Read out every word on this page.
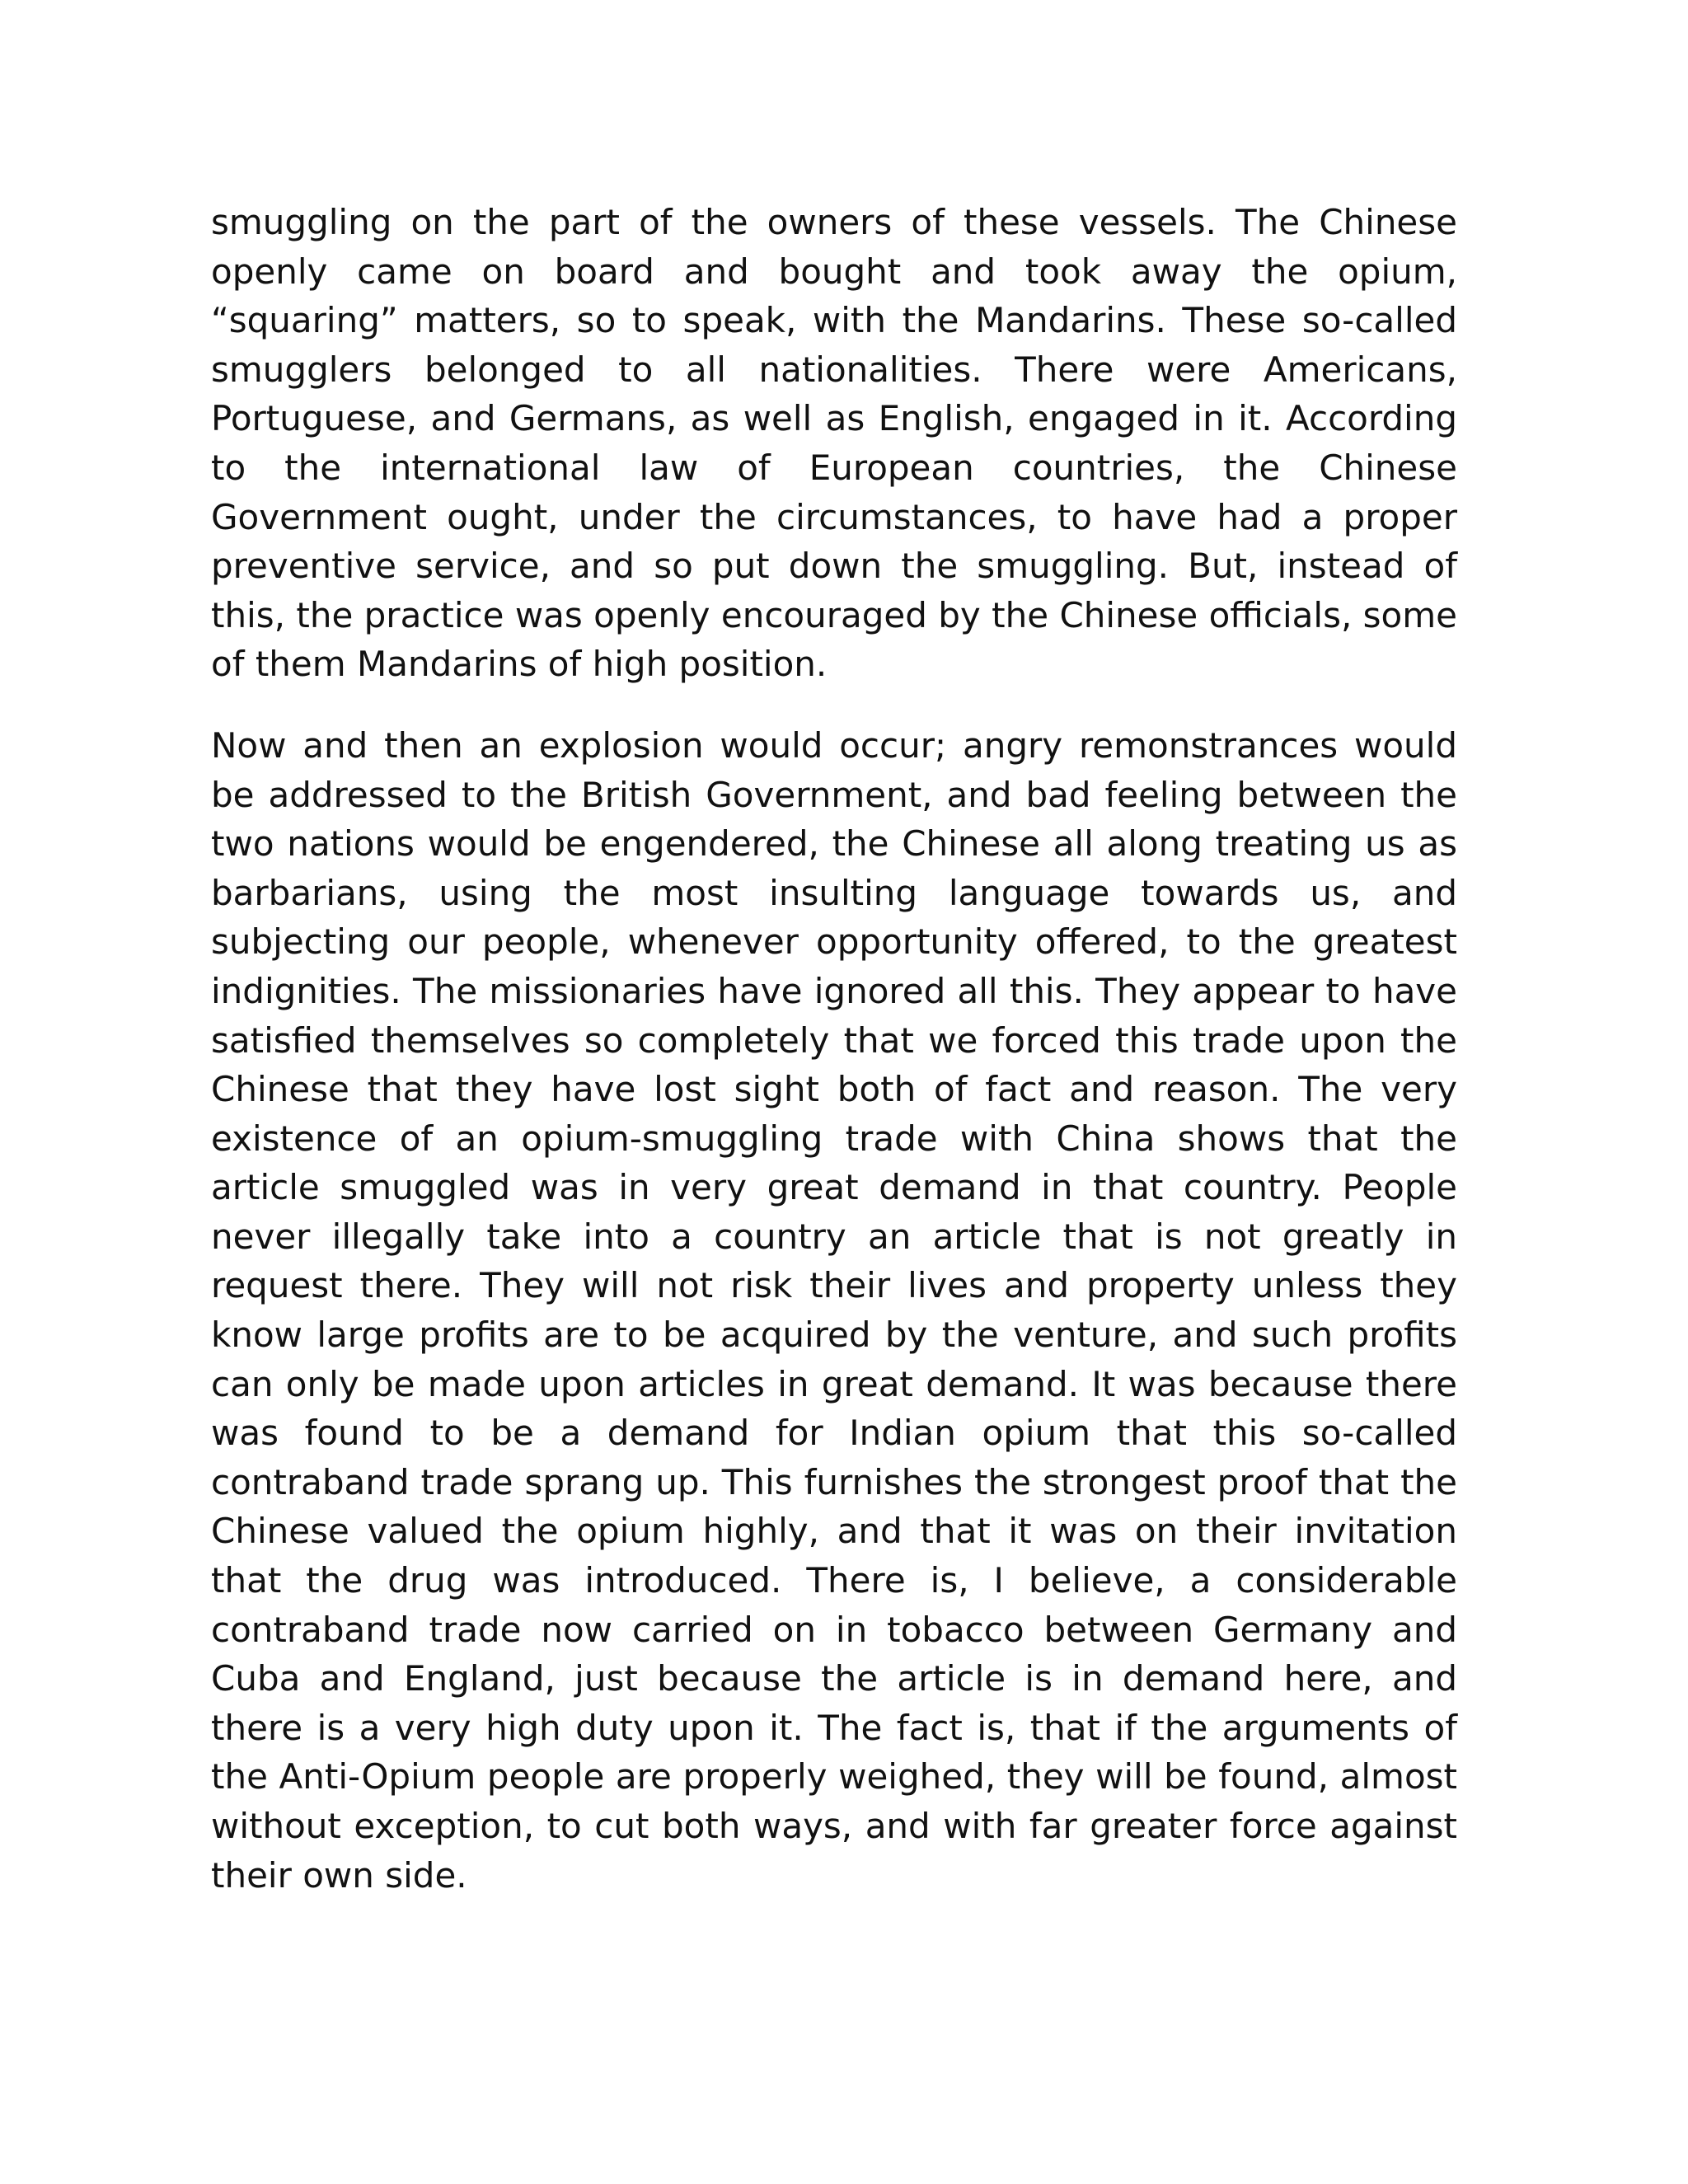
smuggling on the part of the owners of these vessels. The Chinese openly came on board and bought and took away the opium, “squaring” matters, so to speak, with the Mandarins. These so-called smugglers belonged to all nationalities. There were Americans, Portuguese, and Germans, as well as English, engaged in it. According to the international law of European countries, the Chinese Government ought, under the circumstances, to have had a proper preventive service, and so put down the smuggling. But, instead of this, the practice was openly encouraged by the Chinese officials, some of them Mandarins of high position.

Now and then an explosion would occur; angry remonstrances would be addressed to the British Government, and bad feeling between the two nations would be engendered, the Chinese all along treating us as barbarians, using the most insulting language towards us, and subjecting our people, whenever opportunity offered, to the greatest indignities. The missionaries have ignored all this. They appear to have satisfied themselves so completely that we forced this trade upon the Chinese that they have lost sight both of fact and reason. The very existence of an opium-smuggling trade with China shows that the article smuggled was in very great demand in that country. People never illegally take into a country an article that is not greatly in request there. They will not risk their lives and property unless they know large profits are to be acquired by the venture, and such profits can only be made upon articles in great demand. It was because there was found to be a demand for Indian opium that this so-called contraband trade sprang up. This furnishes the strongest proof that the Chinese valued the opium highly, and that it was on their invitation that the drug was introduced. There is, I believe, a considerable contraband trade now carried on in tobacco between Germany and Cuba and England, just because the article is in demand here, and there is a very high duty upon it. The fact is, that if the arguments of the Anti-Opium people are properly weighed, they will be found, almost without exception, to cut both ways, and with far greater force against their own side.
